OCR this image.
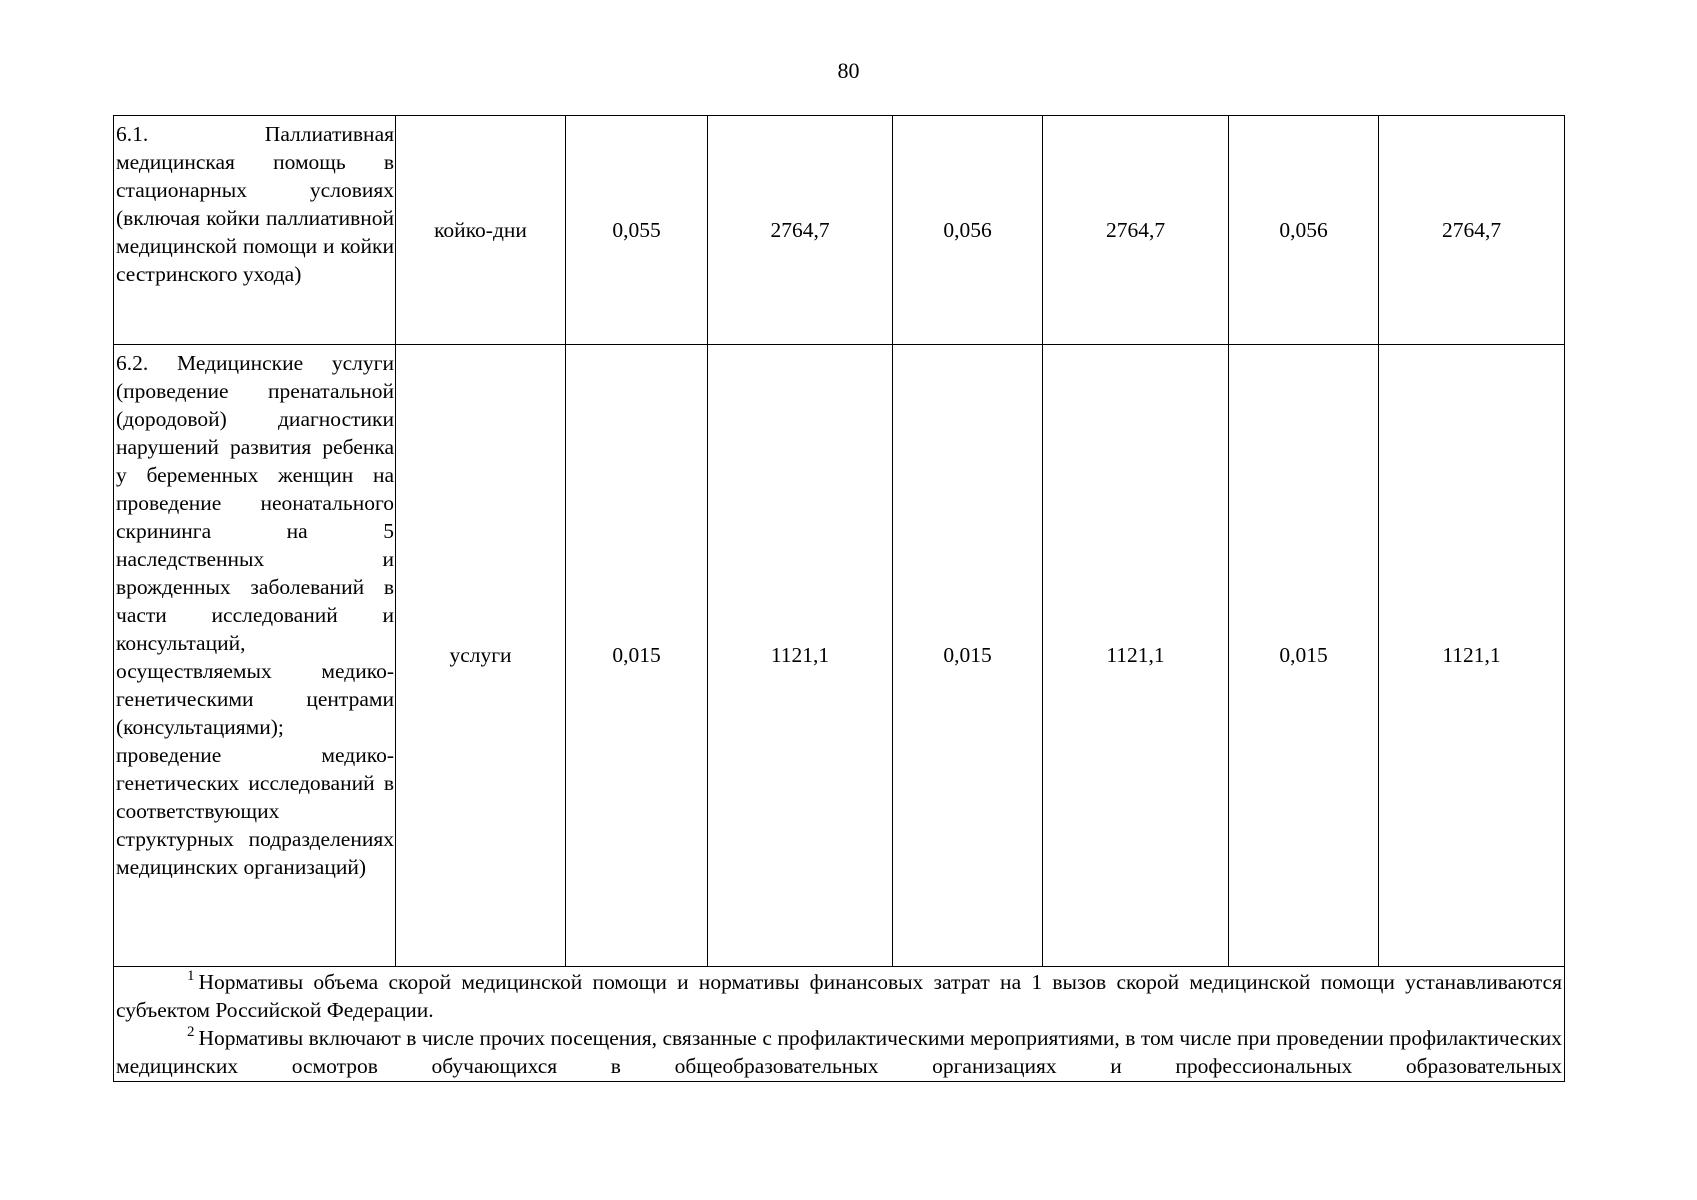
80
6.1. Паллиативная медицинская помощь в стационарных условиях (включая койки паллиативной медицинской помощи и койки сестринского ухода)	койко-дни	0,055	2764,7	0,056	2764,7	0,056	2764,7
6.2. Медицинские услуги (проведение пренатальной (дородовой) диагностики нарушений развития ребенка у беременных женщин на проведение неонатального скрининга на 5 наследственных и врожденных заболеваний в части исследований и консультаций, осуществляемых медико-генетическими центрами (консультациями); проведение медико-генетических исследований в соответствующих структурных подразделениях медицинских организаций)	услуги	0,015	1121,1	0,015	1121,1	0,015	1121,1

$^1$ Нормативы объема скорой медицинской помощи и нормативы финансовых затрат на 1 вызов скорой медицинской помощи устанавливаются субъектом Российской Федерации.

$^2$ Нормативы включают в числе прочих посещения, связанные с профилактическими мероприятиями, в том числе при проведении профилактических медицинских осмотров обучающихся в общеобразовательных организациях и профессиональных образовательных							
